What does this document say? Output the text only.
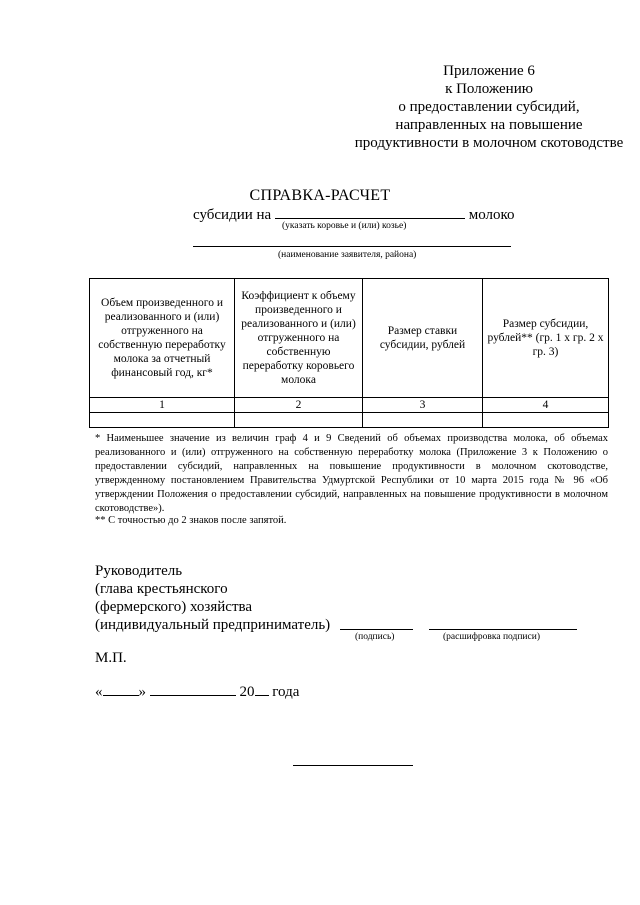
Приложение 6
к Положению
о предоставлении субсидий,
направленных на повышение
продуктивности в молочном скотоводстве
СПРАВКА-РАСЧЕТ
субсидии на	молоко
(указать коровье и (или) козье)
(наименование заявителя, района)
Объем произведенного и реализованного и (или) отгруженного на собственную переработку молока за отчетный финансовый год, кг*	Коэффициент к объему произведенного и реализованного и (или) отгруженного на собственную переработку коровьего молока	Размер ставки субсидии, рублей	Размер субсидии, рублей** (гр. 1 x гр. 2 x гр. 3)
1	2	3	4

* Наименьшее значение из величин граф 4 и 9 Сведений об объемах производства молока, об объемах реализованного и (или) отгруженного на собственную переработку молока (Приложение 3 к Положению о предоставлении субсидий, направленных на повышение продуктивности в молочном скотоводстве, утвержденному постановлением Правительства Удмуртской Республики от 10 марта 2015 года № 96 «Об утверждении Положения о предоставлении субсидий, направленных на повышение продуктивности в молочном скотоводстве»).
** С точностью до 2 знаков после запятой.
Руководитель
(глава крестьянского
(фермерского) хозяйства
(индивидуальный предприниматель)
(подпись)	(расшифровка подписи)
М.П.
« »	20 года
